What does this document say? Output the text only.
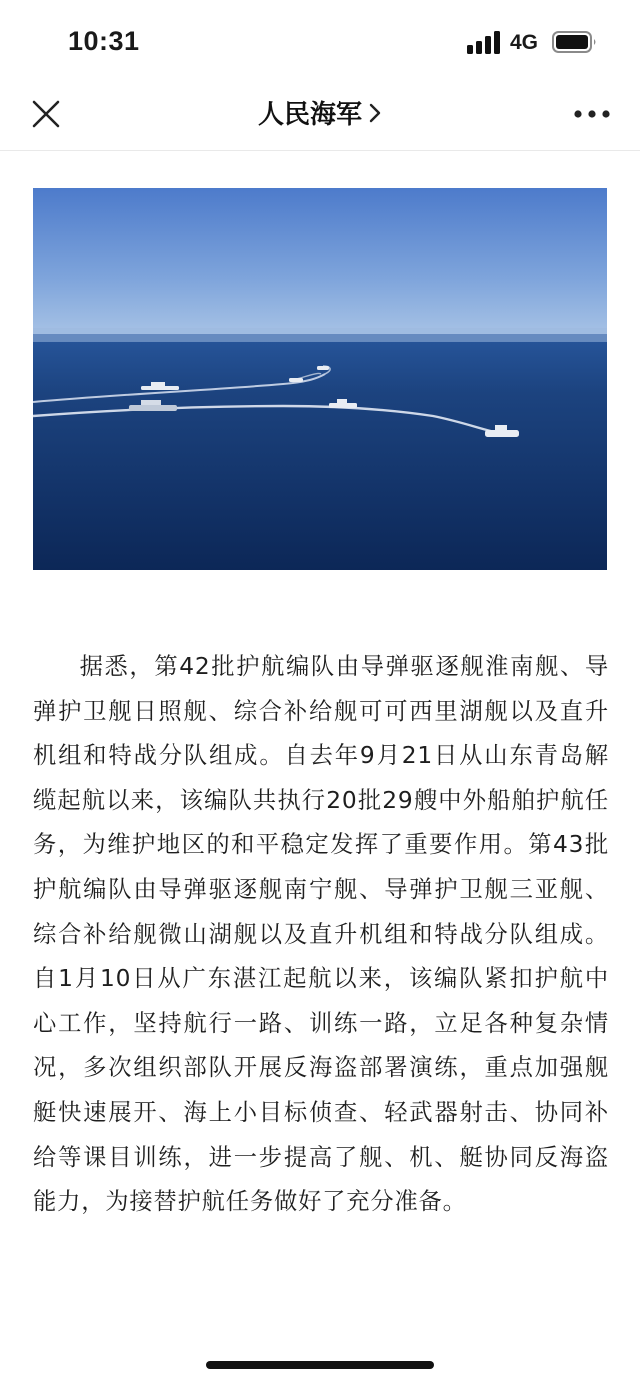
10:31	4G
人民海军

据悉，第42批护航编队由导弹驱逐舰淮南舰、导弹护卫舰日照舰、综合补给舰可可西里湖舰以及直升机组和特战分队组成。自去年9月21日从山东青岛解缆起航以来，该编队共执行20批29艘中外船舶护航任务，为维护地区的和平稳定发挥了重要作用。第43批护航编队由导弹驱逐舰南宁舰、导弹护卫舰三亚舰、综合补给舰微山湖舰以及直升机组和特战分队组成。自1月10日从广东湛江起航以来，该编队紧扣护航中心工作，坚持航行一路、训练一路，立足各种复杂情况，多次组织部队开展反海盗部署演练，重点加强舰艇快速展开、海上小目标侦查、轻武器射击、协同补给等课目训练，进一步提高了舰、机、艇协同反海盗能力，为接替护航任务做好了充分准备。
